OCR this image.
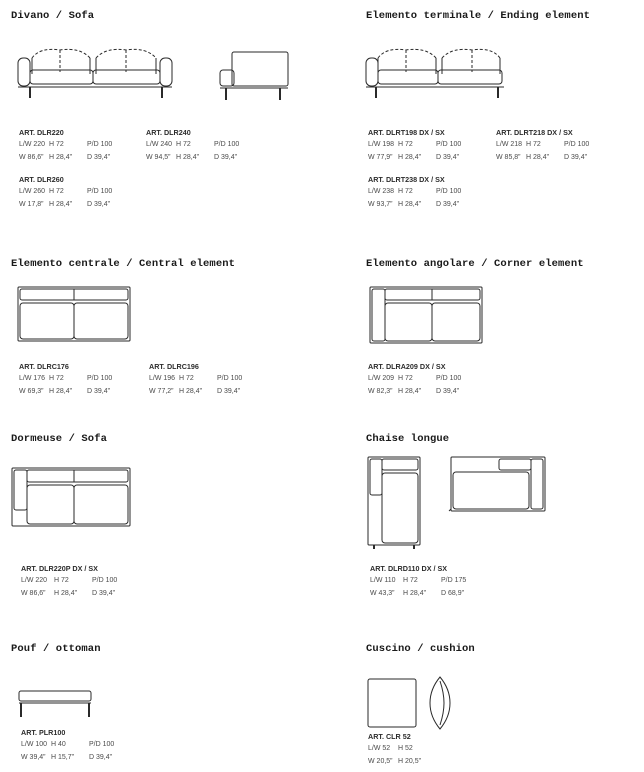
Divano / Sofa	Elemento terminale / Ending element
Elemento centrale / Central element	Elemento angolare / Corner element
Dormeuse / Sofa	Chaise longue
Pouf / ottoman	Cuscino / cushion
ART. DLR220
L/W 220 H 72	P/D 100
W 86,6” H 28,4”	D 39,4”
ART. DLR240
L/W 240 H 72	P/D 100
W 94,5” H 28,4”	D 39,4”
ART. DLR260
L/W 260 H 72	P/D 100
W 17,8” H 28,4”	D 39,4”
ART. DLRT198 DX / SX
L/W 198 H 72	P/D 100
W 77,9” H 28,4”	D 39,4”
ART. DLRT218 DX / SX
L/W 218 H 72	P/D 100
W 85,8” H 28,4”	D 39,4”
ART. DLRT238 DX / SX
L/W 238 H 72	P/D 100
W 93,7” H 28,4”	D 39,4”
ART. DLRC176
L/W 176 H 72	P/D 100
W 69,3” H 28,4”	D 39,4”
ART. DLRC196
L/W 196 H 72	P/D 100
W 77,2” H 28,4”	D 39,4”
ART. DLRA209 DX / SX
L/W 209 H 72	P/D 100
W 82,3” H 28,4”	D 39,4”
ART. DLR220P DX / SX
L/W 220 H 72	P/D 100
W 86,6”	H 28,4”	D 39,4”
ART. DLRD110 DX / SX
L/W 110	H 72	P/D 175
W 43,3”	H 28,4”	D 68,9”
ART. PLR100
L/W 100 H 40	P/D 100
W 39,4” H 15,7”	D 39,4”
ART. CLR 52
L/W 52	H 52
W 20,5” H 20,5”
